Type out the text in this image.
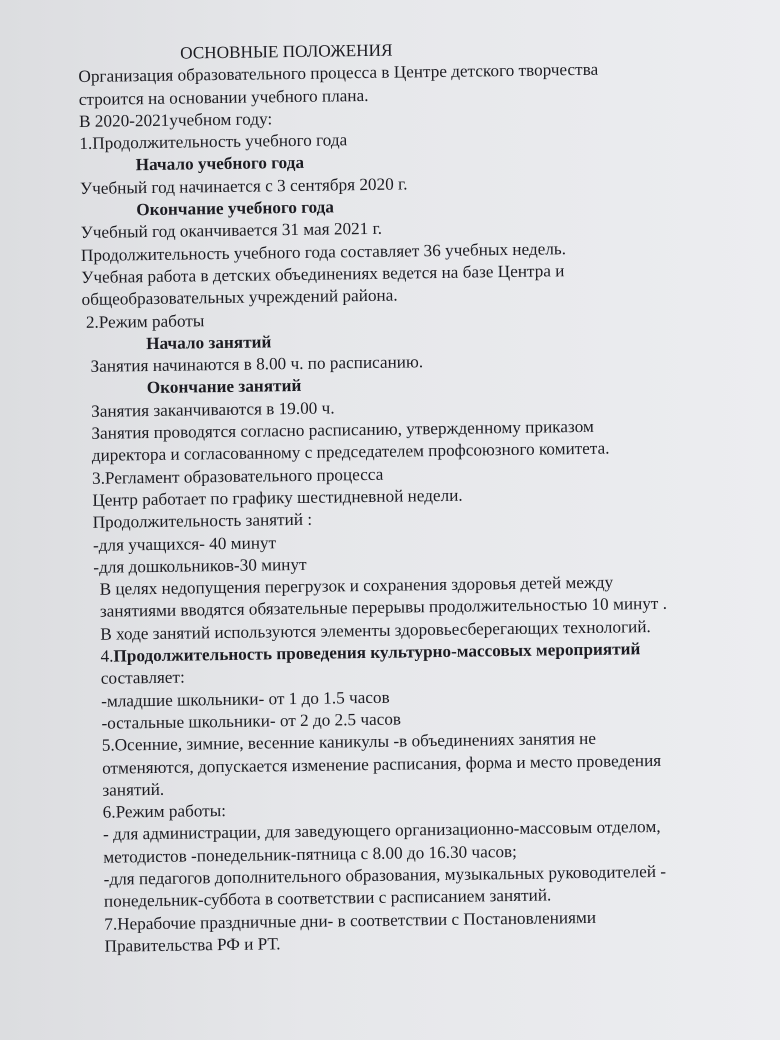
ОСНОВНЫЕ ПОЛОЖЕНИЯ
Организация образовательного процесса в Центре детского творчества
строится на основании учебного плана.
В 2020-2021учебном году:
1.Продолжительность учебного года
Начало учебного года
Учебный год начинается с 3 сентября 2020 г.
Окончание учебного года
Учебный год оканчивается 31 мая 2021 г.
Продолжительность учебного года составляет 36 учебных недель.
Учебная работа в детских объединениях ведется на базе Центра и
общеобразовательных учреждений района.
2.Режим работы
Начало занятий
Занятия начинаются в 8.00 ч. по расписанию.
Окончание занятий
Занятия заканчиваются в 19.00 ч.
Занятия проводятся согласно расписанию, утвержденному приказом
директора и согласованному с председателем профсоюзного комитета.
3.Регламент образовательного процесса
Центр работает по графику шестидневной недели.
Продолжительность занятий :
-для учащихся- 40 минут
-для дошкольников-30 минут
В целях недопущения перегрузок и сохранения здоровья детей между
занятиями вводятся обязательные перерывы продолжительностью 10 минут .
В ходе занятий используются элементы здоровьесберегающих технологий.
4.Продолжительность проведения культурно-массовых мероприятий
составляет:
-младшие школьники- от 1 до 1.5 часов
-остальные школьники- от 2 до 2.5 часов
5.Осенние, зимние, весенние каникулы -в объединениях занятия не
отменяются, допускается изменение расписания, форма и место проведения
занятий.
6.Режим работы:
- для администрации, для заведующего организационно-массовым отделом,
методистов -понедельник-пятница с 8.00 до 16.30 часов;
-для педагогов дополнительного образования, музыкальных руководителей -
понедельник-суббота в соответствии с расписанием занятий.
7.Нерабочие праздничные дни- в соответствии с Постановлениями
Правительства РФ и РТ.
